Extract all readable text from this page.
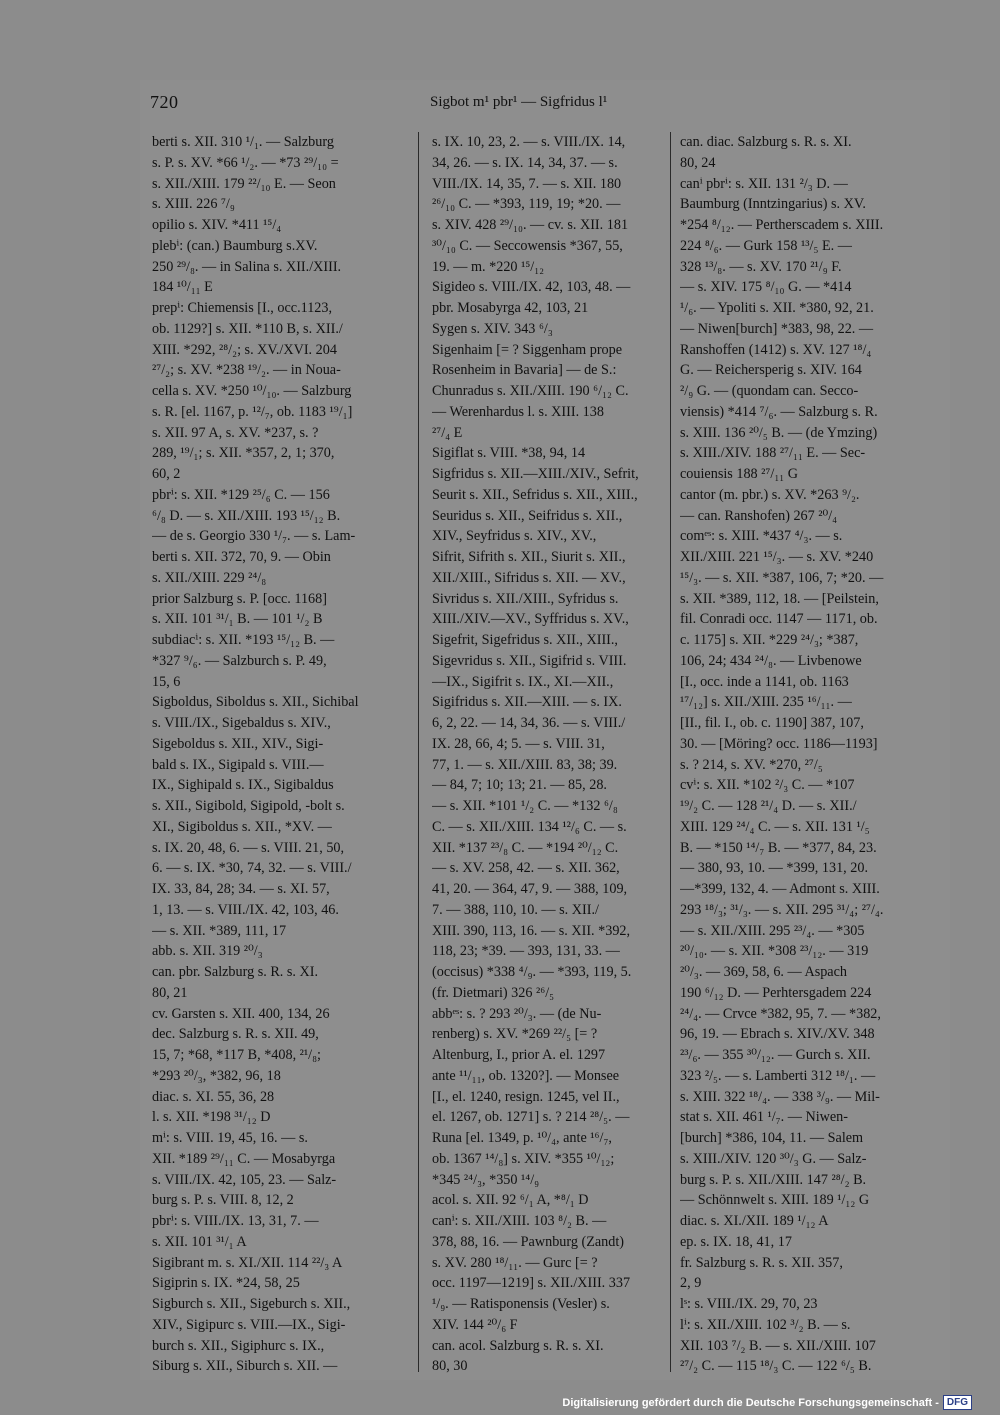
720	Sigbot m¹ pbr¹ — Sigfridus l¹
berti s. XII. 310 ¹/₁. — Salzburg
s. P. s. XV. *66 ¹/₂. — *73 ²⁹/₁₀ =
s. XII./XIII. 179 ²²/₁₀ E. — Seon
s. XIII. 226 ⁷/₉
opilio s. XIV. *411 ¹⁵/₄
plebⁱ: (can.) Baumburg s.XV.
250 ²⁹/₈. — in Salina s. XII./XIII.
184 ¹⁰/₁₁ E
prepⁱ: Chiemensis [I., occ.1123,
ob. 1129?] s. XII. *110 B, s. XII./
XIII. *292, ²⁸/₂; s. XV./XVI. 204
²⁷/₂; s. XV. *238 ¹⁹/₂. — in Noua-
cella s. XV. *250 ¹⁰/₁₀. — Salzburg
s. R. [el. 1167, p. ¹²/₇, ob. 1183 ¹⁹/₁]
s. XII. 97 A, s. XV. *237, s. ?
289, ¹⁹/₁; s. XII. *357, 2, 1; 370,
60, 2
pbrⁱ: s. XII. *129 ²⁵/₆ C. — 156
⁶/₈ D. — s. XII./XIII. 193 ¹⁵/₁₂ B.
— de s. Georgio 330 ¹/₇. — s. Lam-
berti s. XII. 372, 70, 9. — Obin
s. XII./XIII. 229 ²⁴/₈
prior Salzburg s. P. [occ. 1168]
s. XII. 101 ³¹/₁ B. — 101 ¹/₂ B
subdiacⁱ: s. XII. *193 ¹⁵/₁₂ B. —
*327 ⁹/₆. — Salzburch s. P. 49,
15, 6
Sigboldus, Siboldus s. XII., Sichibal
s. VIII./IX., Sigebaldus s. XIV.,
Sigeboldus s. XII., XIV., Sigi-
bald s. IX., Sigipald s. VIII.—
IX., Sighipald s. IX., Sigibaldus
s. XII., Sigibold, Sigipold, -bolt s.
XI., Sigiboldus s. XII., *XV. —
s. IX. 20, 48, 6. — s. VIII. 21, 50,
6. — s. IX. *30, 74, 32. — s. VIII./
IX. 33, 84, 28; 34. — s. XI. 57,
1, 13. — s. VIII./IX. 42, 103, 46.
— s. XII. *389, 111, 17
abb. s. XII. 319 ²⁰/₃
can. pbr. Salzburg s. R. s. XI.
80, 21
cv. Garsten s. XII. 400, 134, 26
dec. Salzburg s. R. s. XII. 49,
15, 7; *68, *117 B, *408, ²¹/₈;
*293 ²⁰/₃, *382, 96, 18
diac. s. XI. 55, 36, 28
l. s. XII. *198 ³¹/₁₂ D
mⁱ: s. VIII. 19, 45, 16. — s.
XII. *189 ²⁹/₁₁ C. — Mosabyrga
s. VIII./IX. 42, 105, 23. — Salz-
burg s. P. s. VIII. 8, 12, 2
pbrⁱ: s. VIII./IX. 13, 31, 7. —
s. XII. 101 ³¹/₁ A
Sigibrant m. s. XI./XII. 114 ²²/₃ A
Sigiprin s. IX. *24, 58, 25
Sigburch s. XII., Sigeburch s. XII.,
XIV., Sigipurc s. VIII.—IX., Sigi-
burch s. XII., Sigiphurc s. IX.,
Siburg s. XII., Siburch s. XII. —
s. IX. 10, 23, 2. — s. VIII./IX. 14,
34, 26. — s. IX. 14, 34, 37. — s.
VIII./IX. 14, 35, 7. — s. XII. 180
²⁶/₁₀ C. — *393, 119, 19; *20. —
s. XIV. 428 ²⁹/₁₀. — cv. s. XII. 181
³⁰/₁₀ C. — Seccowensis *367, 55,
19. — m. *220 ¹⁵/₁₂
Sigideo s. VIII./IX. 42, 103, 48. —
pbr. Mosabyrga 42, 103, 21
Sygen s. XIV. 343 ⁶/₃
Sigenhaim [= ? Siggenham prope
Rosenheim in Bavaria] — de S.:
Chunradus s. XII./XIII. 190 ⁶/₁₂ C.
— Werenhardus l. s. XIII. 138
²⁷/₄ E
Sigiflat s. VIII. *38, 94, 14
Sigfridus s. XII.—XIII./XIV., Sefrit,
Seurit s. XII., Sefridus s. XII., XIII.,
Seuridus s. XII., Seifridus s. XII.,
XIV., Seyfridus s. XIV., XV.,
Sifrit, Sifrith s. XII., Siurit s. XII.,
XII./XIII., Sifridus s. XII. — XV.,
Sivridus s. XII./XIII., Syfridus s.
XIII./XIV.—XV., Syffridus s. XV.,
Sigefrit, Sigefridus s. XII., XIII.,
Sigevridus s. XII., Sigifrid s. VIII.
—IX., Sigifrit s. IX., XI.—XII.,
Sigifridus s. XII.—XIII. — s. IX.
6, 2, 22. — 14, 34, 36. — s. VIII./
IX. 28, 66, 4; 5. — s. VIII. 31,
77, 1. — s. XII./XIII. 83, 38; 39.
— 84, 7; 10; 13; 21. — 85, 28.
— s. XII. *101 ¹/₂ C. — *132 ⁶/₈
C. — s. XII./XIII. 134 ¹²/₆ C. — s.
XII. *137 ²³/₈ C. — *194 ²⁰/₁₂ C.
— s. XV. 258, 42. — s. XII. 362,
41, 20. — 364, 47, 9. — 388, 109,
7. — 388, 110, 10. — s. XII./
XIII. 390, 113, 16. — s. XII. *392,
118, 23; *39. — 393, 131, 33. —
(occisus) *338 ⁴/₉. — *393, 119, 5.
(fr. Dietmari) 326 ²⁶/₅
abbᵉˢ: s. ? 293 ²⁰/₃. — (de Nu-
renberg) s. XV. *269 ²²/₅ [= ?
Altenburg, I., prior A. el. 1297
ante ¹¹/₁₁, ob. 1320?]. — Monsee
[I., el. 1240, resign. 1245, vel II.,
el. 1267, ob. 1271] s. ? 214 ²⁸/₅. —
Runa [el. 1349, p. ¹⁰/₄, ante ¹⁶/₇,
ob. 1367 ¹⁴/₈] s. XIV. *355 ¹⁰/₁₂;
*345 ²⁴/₃, *350 ¹⁴/₉
acol. s. XII. 92 ⁶/₁ A, *⁸/₁ D
canⁱ: s. XII./XIII. 103 ⁸/₂ B. —
378, 88, 16. — Pawnburg (Zandt)
s. XV. 280 ¹⁸/₁₁. — Gurc [= ?
occ. 1197—1219] s. XII./XIII. 337
¹/₉. — Ratisponensis (Vesler) s.
XIV. 144 ²⁰/₆ F
can. acol. Salzburg s. R. s. XI.
80, 30
can. diac. Salzburg s. R. s. XI.
80, 24
canⁱ pbrⁱ: s. XII. 131 ²/₃ D. —
Baumburg (Inntzingarius) s. XV.
*254 ⁸/₁₂. — Pertherscadem s. XIII.
224 ⁸/₆. — Gurk 158 ¹³/₅ E. —
328 ¹³/₈. — s. XV. 170 ²¹/₉ F.
— s. XIV. 175 ⁸/₁₀ G. — *414
¹/₆. — Ypoliti s. XII. *380, 92, 21.
— Niwen[burch] *383, 98, 22. —
Ranshoffen (1412) s. XV. 127 ¹⁸/₄
G. — Reichersperig s. XIV. 164
²/₉ G. — (quondam can. Secco-
viensis) *414 ⁷/₆. — Salzburg s. R.
s. XIII. 136 ²⁰/₅ B. — (de Ymzing)
s. XIII./XIV. 188 ²⁷/₁₁ E. — Sec-
couiensis 188 ²⁷/₁₁ G
cantor (m. pbr.) s. XV. *263 ⁹/₂.
— can. Ranshofen) 267 ²⁰/₄
comᵉˢ: s. XIII. *437 ⁴/₃. — s.
XII./XIII. 221 ¹⁵/₃. — s. XV. *240
¹⁵/₃. — s. XII. *387, 106, 7; *20. —
s. XII. *389, 112, 18. — [Peilstein,
fil. Conradi occ. 1147 — 1171, ob.
c. 1175] s. XII. *229 ²⁴/₃; *387,
106, 24; 434 ²⁴/₈. — Livbenowe
[I., occ. inde a 1141, ob. 1163
¹⁷/₁₂] s. XII./XIII. 235 ¹⁶/₁₁. —
[II., fil. I., ob. c. 1190] 387, 107,
30. — [Möring? occ. 1186—1193]
s. ? 214, s. XV. *270, ²⁷/₅
cvⁱ: s. XII. *102 ²/₃ C. — *107
¹⁹/₂ C. — 128 ²¹/₄ D. — s. XII./
XIII. 129 ²⁴/₄ C. — s. XII. 131 ¹/₅
B. — *150 ¹⁴/₇ B. — *377, 84, 23.
— 380, 93, 10. — *399, 131, 20.
—*399, 132, 4. — Admont s. XIII.
293 ¹⁸/₃; ³¹/₃. — s. XII. 295 ³¹/₄; ²⁷/₄.
— s. XII./XIII. 295 ²³/₄. — *305
²⁰/₁₀. — s. XII. *308 ²³/₁₂. — 319
²⁰/₃. — 369, 58, 6. — Aspach
190 ⁶/₁₂ D. — Perhtersgadem 224
²⁴/₄. — Crvce *382, 95, 7. — *382,
96, 19. — Ebrach s. XIV./XV. 348
²³/₆. — 355 ³⁰/₁₂. — Gurch s. XII.
323 ²/₅. — s. Lamberti 312 ¹⁸/₁. —
s. XIII. 322 ¹⁸/₄. — 338 ³/₉. — Mil-
stat s. XII. 461 ¹/₇. — Niwen-
[burch] *386, 104, 11. — Salem
s. XIII./XIV. 120 ³⁰/₃ G. — Salz-
burg s. P. s. XII./XIII. 147 ²⁸/₂ B.
— Schönnwelt s. XIII. 189 ¹/₁₂ G
diac. s. XI./XII. 189 ¹/₁₂ A
ep. s. IX. 18, 41, 17
fr. Salzburg s. R. s. XII. 357,
2, 9
lˢ: s. VIII./IX. 29, 70, 23
lⁱ: s. XII./XIII. 102 ³/₂ B. — s.
XII. 103 ⁷/₂ B. — s. XII./XIII. 107
²⁷/₂ C. — 115 ¹⁸/₃ C. — 122 ⁶/₅ B.
Digitalisierung gefördert durch die Deutsche Forschungsgemeinschaft - DFG
